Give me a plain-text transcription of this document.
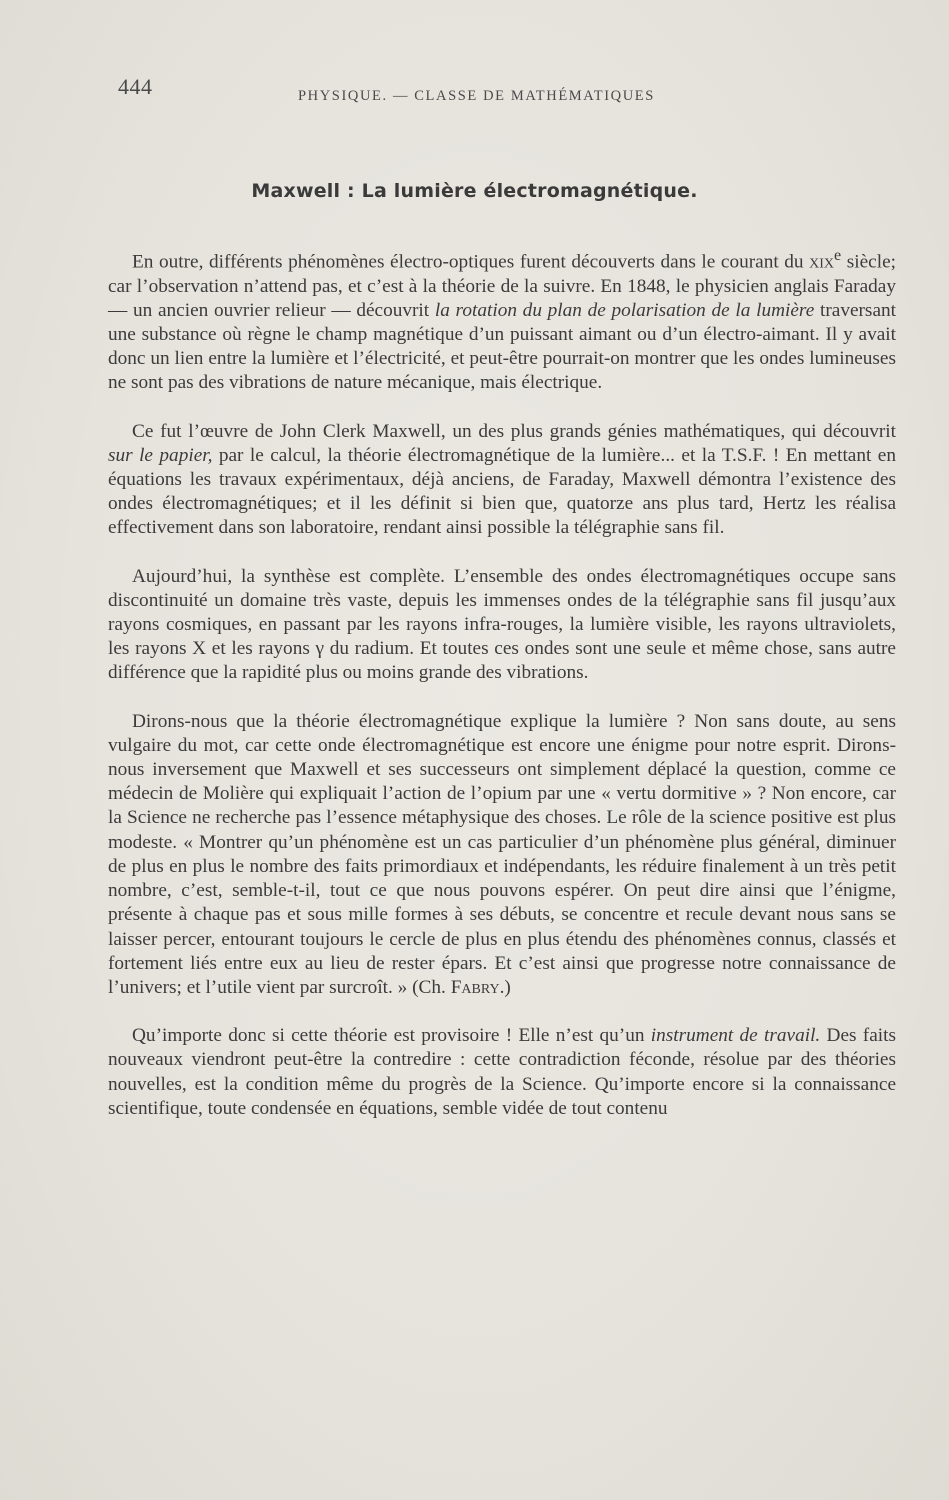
444	PHYSIQUE. — CLASSE DE MATHÉMATIQUES
Maxwell : La lumière électromagnétique.

En outre, différents phénomènes électro-optiques furent découverts dans le courant du xix$^e$ siècle; car l’observation n’attend pas, et c’est à la théorie de la suivre. En 1848, le physicien anglais Faraday — un ancien ouvrier relieur — découvrit la rotation du plan de polarisation de la lumière traversant une substance où règne le champ magnétique d’un puissant aimant ou d’un électro-aimant. Il y avait donc un lien entre la lumière et l’électricité, et peut-être pourrait-on montrer que les ondes lumineuses ne sont pas des vibrations de nature mécanique, mais électrique.

Ce fut l’œuvre de John Clerk Maxwell, un des plus grands génies mathématiques, qui découvrit sur le papier, par le calcul, la théorie électromagnétique de la lumière... et la T.S.F. ! En mettant en équations les travaux expérimentaux, déjà anciens, de Faraday, Maxwell démontra l’existence des ondes électromagnétiques; et il les définit si bien que, quatorze ans plus tard, Hertz les réalisa effectivement dans son laboratoire, rendant ainsi possible la télégraphie sans fil.

Aujourd’hui, la synthèse est complète. L’ensemble des ondes électromagnétiques occupe sans discontinuité un domaine très vaste, depuis les immenses ondes de la télégraphie sans fil jusqu’aux rayons cosmiques, en passant par les rayons infra-rouges, la lumière visible, les rayons ultraviolets, les rayons X et les rayons γ du radium. Et toutes ces ondes sont une seule et même chose, sans autre différence que la rapidité plus ou moins grande des vibrations.

Dirons-nous que la théorie électromagnétique explique la lumière ? Non sans doute, au sens vulgaire du mot, car cette onde électromagnétique est encore une énigme pour notre esprit. Dirons-nous inversement que Maxwell et ses successeurs ont simplement déplacé la question, comme ce médecin de Molière qui expliquait l’action de l’opium par une « vertu dormitive » ? Non encore, car la Science ne recherche pas l’essence métaphysique des choses. Le rôle de la science positive est plus modeste. « Montrer qu’un phénomène est un cas particulier d’un phénomène plus général, diminuer de plus en plus le nombre des faits primordiaux et indépendants, les réduire finalement à un très petit nombre, c’est, semble-t-il, tout ce que nous pouvons espérer. On peut dire ainsi que l’énigme, présente à chaque pas et sous mille formes à ses débuts, se concentre et recule devant nous sans se laisser percer, entourant toujours le cercle de plus en plus étendu des phénomènes connus, classés et fortement liés entre eux au lieu de rester épars. Et c’est ainsi que progresse notre connaissance de l’univers; et l’utile vient par surcroît. » (Ch. Fabry.)

Qu’importe donc si cette théorie est provisoire ! Elle n’est qu’un instrument de travail. Des faits nouveaux viendront peut-être la contredire : cette contradiction féconde, résolue par des théories nouvelles, est la condition même du progrès de la Science. Qu’importe encore si la connaissance scientifique, toute condensée en équations, semble vidée de tout contenu
